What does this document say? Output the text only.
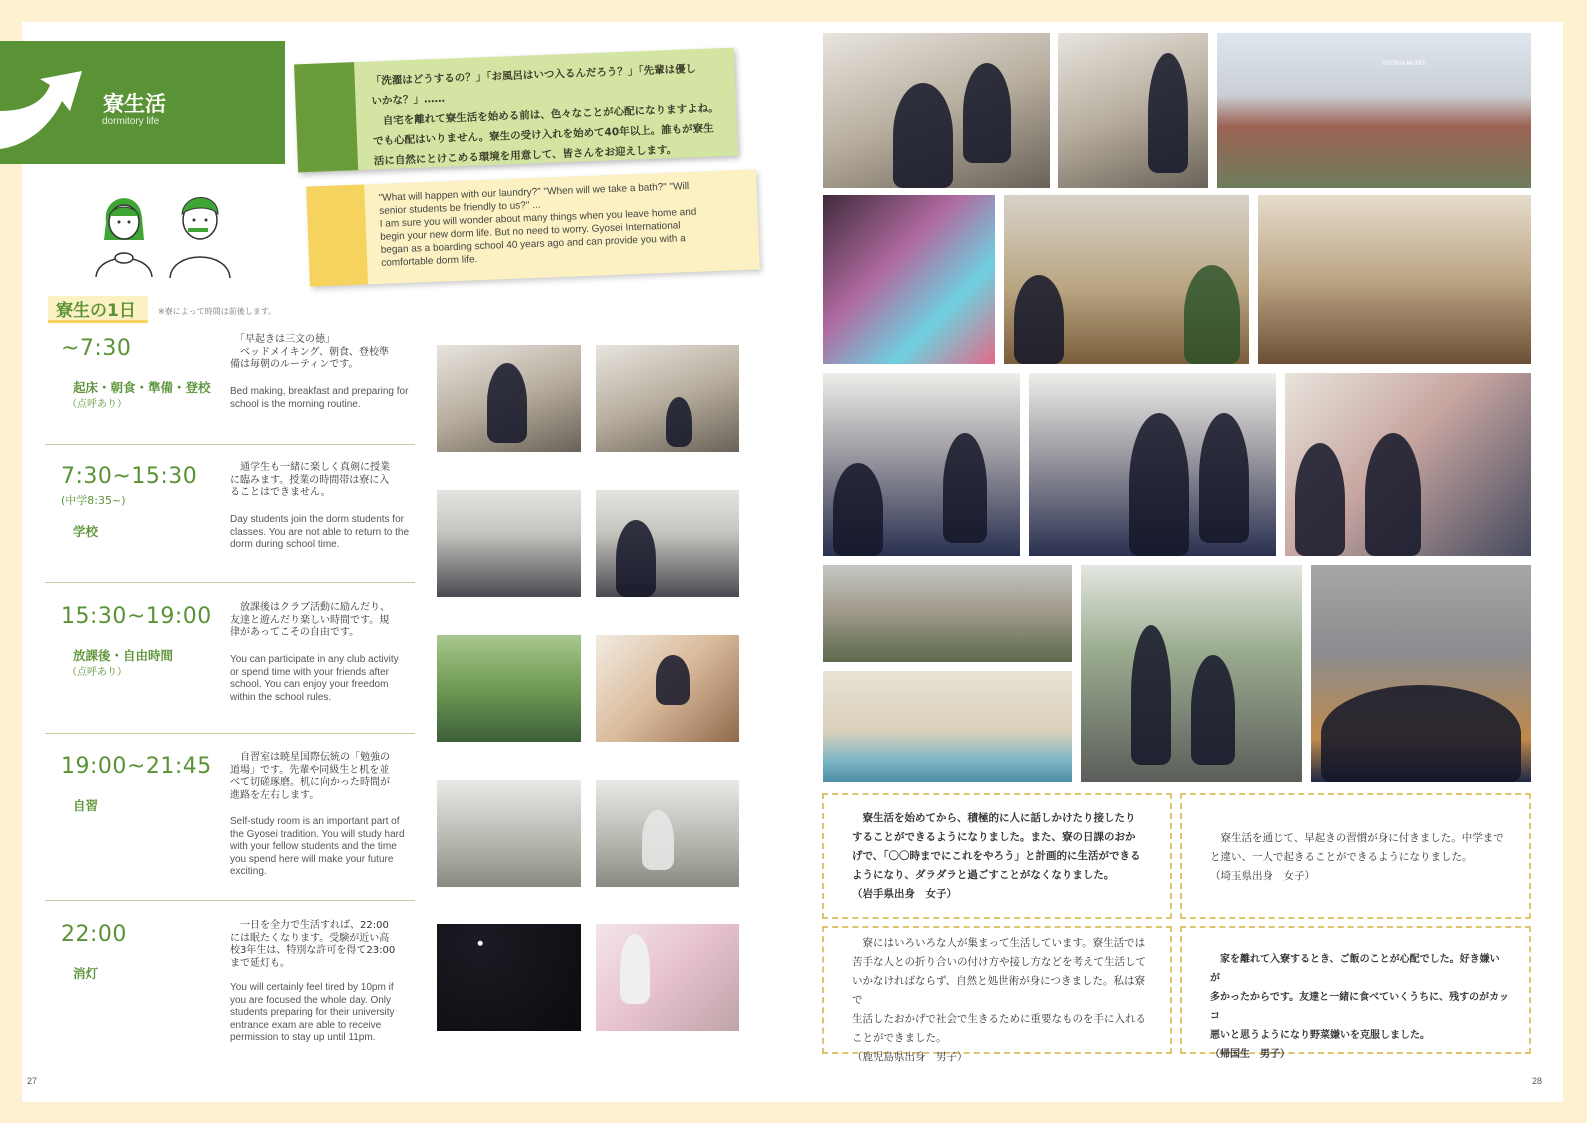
寮生活
dormitory life
「洗濯はどうするの？」「お風呂はいつ入るんだろう？」「先輩は優し
いかな？」……
　自宅を離れて寮生活を始める前は、色々なことが心配になりますよね。
でも心配はいりません。寮生の受け入れを始めて40年以上。誰もが寮生
活に自然にとけこめる環境を用意して、皆さんをお迎えします。
"What will happen with our laundry?" "When will we take a bath?" "Will
senior students be friendly to us?" ...
I am sure you will wonder about many things when you leave home and
begin your new dorm life. But no need to worry. Gyosei International
began as a boarding school 40 years ago and can provide you with a
comfortable dorm life.
寮生の1日	※寮によって時間は前後します。
~7:30
起床・朝食・準備・登校
（点呼あり）
　「早起きは三文の徳」
　ベッドメイキング、朝食、登校準
備は毎朝のルーティンです。
Bed making, breakfast and preparing for school is the morning routine.
7:30~15:30
(中学8:35~)
学校
　通学生も一緒に楽しく真剣に授業
に臨みます。授業の時間帯は寮に入
ることはできません。
Day students join the dorm students for classes. You are not able to return to the dorm during school time.
15:30~19:00
放課後・自由時間
（点呼あり）
　放課後はクラブ活動に励んだり、
友達と遊んだり楽しい時間です。規
律があってこその自由です。
You can participate in any club activity or spend time with your friends after school. You can enjoy your freedom within the school rules.
19:00~21:45
自習
　自習室は暁星国際伝統の「勉強の
道場」です。先輩や同級生と机を並
べて切磋琢磨。机に向かった時間が
進路を左右します。
Self-study room is an important part of the Gyosei tradition. You will study hard with your fellow students and the time you spend here will make your future exciting.
22:00
消灯
　一日を全力で生活すれば、22:00
には眠たくなります。受験が近い高
校3年生は、特別な許可を得て23:00
まで延灯も。
You will certainly feel tired by 10pm if you are focused the whole day. Only students preparing for their university entrance exam are able to receive permission to stay up until 11pm.
REGINA MUNDI
　寮生活を始めてから、積極的に人に話しかけたり接したり
することができるようになりました。また、寮の日課のおか
げで、「〇〇時までにこれをやろう」と計画的に生活ができる
ようになり、ダラダラと過ごすことがなくなりました。
（岩手県出身　女子）
　寮生活を通じて、早起きの習慣が身に付きました。中学まで
と違い、一人で起きることができるようになりました。
（埼玉県出身　女子）
　寮にはいろいろな人が集まって生活しています。寮生活では
苦手な人との折り合いの付け方や接し方などを考えて生活して
いかなければならず、自然と処世術が身につきました。私は寮で
生活したおかげで社会で生きるために重要なものを手に入れる
ことができました。
（鹿児島県出身　男子）
　家を離れて入寮するとき、ご飯のことが心配でした。好き嫌いが
多かったからです。友達と一緒に食べていくうちに、残すのがカッコ
悪いと思うようになり野菜嫌いを克服しました。
（帰国生　男子）
27	28
